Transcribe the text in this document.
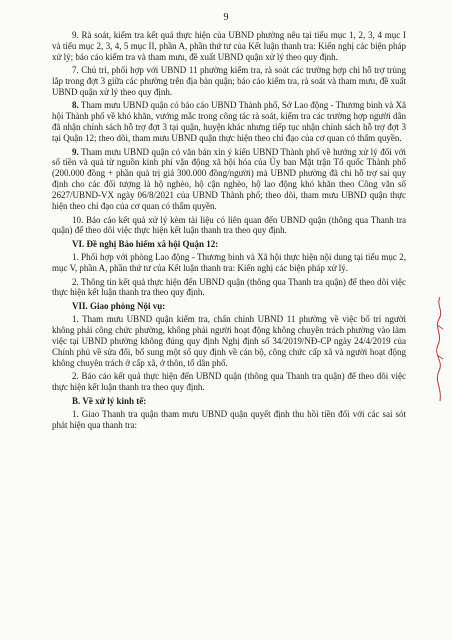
9

9. Rà soát, kiểm tra kết quả thực hiện của UBND phường nêu tại tiểu mục 1, 2, 3, 4 mục I và tiểu mục 2, 3, 4, 5 mục II, phần A, phần thứ tư của Kết luận thanh tra: Kiến nghị các biện pháp xử lý; báo cáo kiểm tra và tham mưu, đề xuất UBND quận xử lý theo quy định.

7. Chủ trì, phối hợp với UBND 11 phường kiểm tra, rà soát các trường hợp chi hỗ trợ trùng lắp trong đợt 3 giữa các phường trên địa bàn quận; báo cáo kiểm tra, rà soát và tham mưu, đề xuất UBND quận xử lý theo quy định.

8. Tham mưu UBND quận có báo cáo UBND Thành phố, Sở Lao động - Thương binh và Xã hội Thành phố về khó khăn, vướng mắc trong công tác rà soát, kiểm tra các trường hợp người dân đã nhận chính sách hỗ trợ đợt 3 tại quận, huyện khác nhưng tiếp tục nhận chính sách hỗ trợ đợt 3 tại Quận 12; theo dõi, tham mưu UBND quận thực hiện theo chỉ đạo của cơ quan có thẩm quyền.

9. Tham mưu UBND quận có văn bản xin ý kiến UBND Thành phố về hướng xử lý đối với số tiền và quà từ nguồn kinh phí vận động xã hội hóa của Ủy ban Mặt trận Tổ quốc Thành phố (200.000 đồng + phần quà trị giá 300.000 đồng/người) mà UBND phường đã chi hỗ trợ sai quy định cho các đối tượng là hộ nghèo, hộ cận nghèo, hộ lao động khó khăn theo Công văn số 2627/UBND-VX ngày 06/8/2021 của UBND Thành phố; theo dõi, tham mưu UBND quận thực hiện theo chỉ đạo của cơ quan có thẩm quyền.

10. Báo cáo kết quả xử lý kèm tài liệu có liên quan đến UBND quận (thông qua Thanh tra quận) để theo dõi việc thực hiện kết luận thanh tra theo quy định.

VI. Đề nghị Bảo hiểm xã hội Quận 12:

1. Phối hợp với phòng Lao động - Thương binh và Xã hội thực hiện nội dung tại tiểu mục 2, mục V, phần A, phần thứ tư của Kết luận thanh tra: Kiến nghị các biện pháp xử lý.

2. Thông tin kết quả thực hiện đến UBND quận (thông qua Thanh tra quận) để theo dõi việc thực hiện kết luận thanh tra theo quy định.

VII. Giao phòng Nội vụ:

1. Tham mưu UBND quận kiểm tra, chấn chỉnh UBND 11 phường về việc bố trí người không phải công chức phường, không phải người hoạt động không chuyên trách phường vào làm việc tại UBND phường không đúng quy định Nghị định số 34/2019/NĐ-CP ngày 24/4/2019 của Chính phủ về sửa đổi, bổ sung một số quy định về cán bộ, công chức cấp xã và người hoạt động không chuyên trách ở cấp xã, ở thôn, tổ dân phố.

2. Báo cáo kết quả thực hiện đến UBND quận (thông qua Thanh tra quận) để theo dõi việc thực hiện kết luận thanh tra theo quy định.

B. Về xử lý kinh tế:

1. Giao Thanh tra quận tham mưu UBND quận quyết định thu hồi tiền đối với các sai sót phát hiện qua thanh tra:
